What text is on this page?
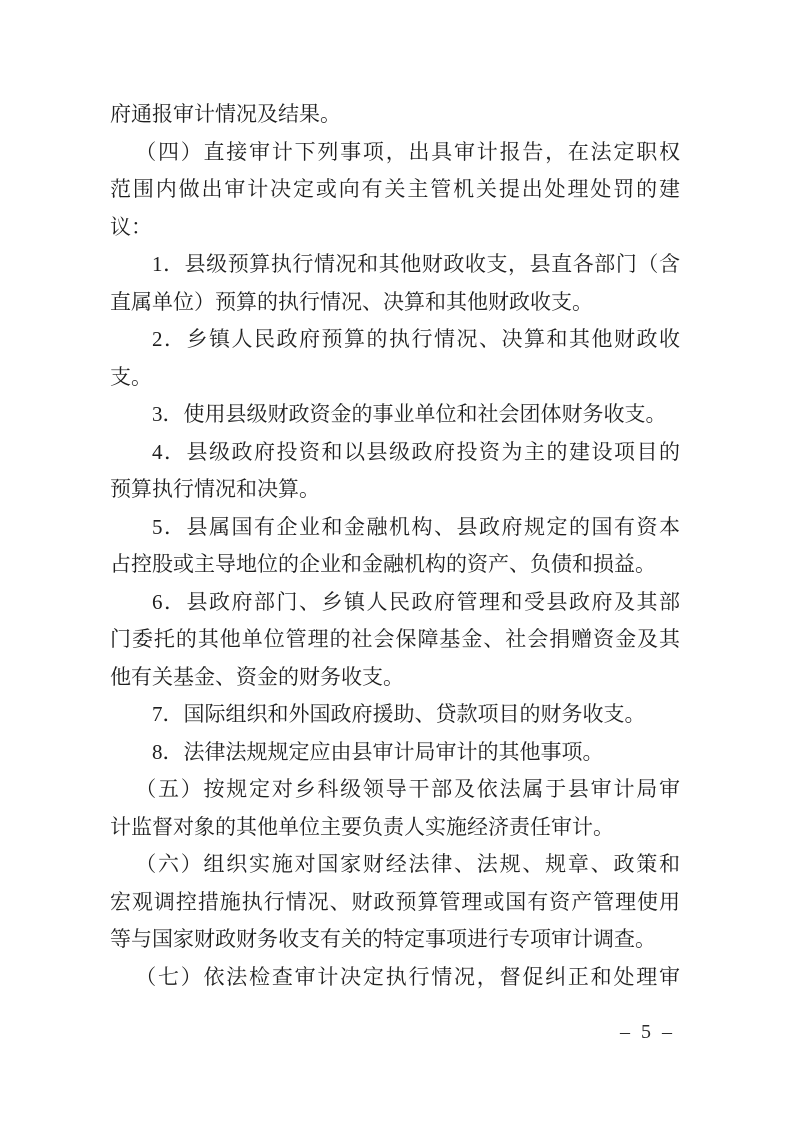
府通报审计情况及结果。
（四）直接审计下列事项，出具审计报告，在法定职权
范围内做出审计决定或向有关主管机关提出处理处罚的建
议：
1．县级预算执行情况和其他财政收支，县直各部门（含
直属单位）预算的执行情况、决算和其他财政收支。
2．乡镇人民政府预算的执行情况、决算和其他财政收
支。
3．使用县级财政资金的事业单位和社会团体财务收支。
4．县级政府投资和以县级政府投资为主的建设项目的
预算执行情况和决算。
5．县属国有企业和金融机构、县政府规定的国有资本
占控股或主导地位的企业和金融机构的资产、负债和损益。
6．县政府部门、乡镇人民政府管理和受县政府及其部
门委托的其他单位管理的社会保障基金、社会捐赠资金及其
他有关基金、资金的财务收支。
7．国际组织和外国政府援助、贷款项目的财务收支。
8．法律法规规定应由县审计局审计的其他事项。
（五）按规定对乡科级领导干部及依法属于县审计局审
计监督对象的其他单位主要负责人实施经济责任审计。
（六）组织实施对国家财经法律、法规、规章、政策和
宏观调控措施执行情况、财政预算管理或国有资产管理使用
等与国家财政财务收支有关的特定事项进行专项审计调查。
（七）依法检查审计决定执行情况，督促纠正和处理审
– 5 –
